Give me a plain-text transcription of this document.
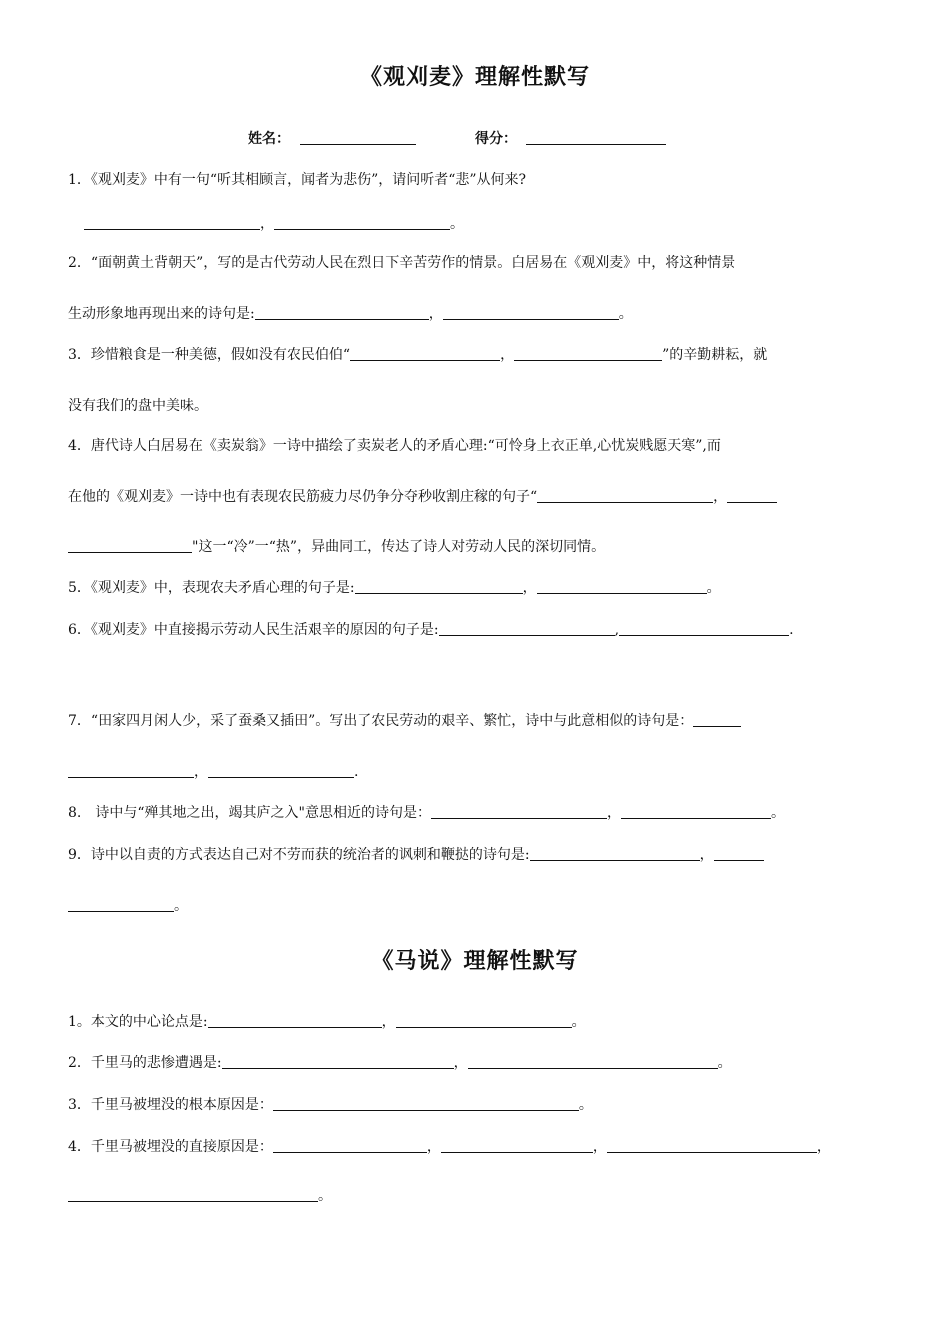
《观刈麦》理解性默写
姓名：	得分：
1．《观刈麦》中有一句“听其相顾言，闻者为悲伤”，请问听者“悲”从何来?
，	。
2．“面朝黄土背朝天”，写的是古代劳动人民在烈日下辛苦劳作的情景。白居易在《观刈麦》中，将这种情景
生动形象地再现出来的诗句是:	，	。
3．珍惜粮食是一种美德，假如没有农民伯伯“	，	”的辛勤耕耘，就
没有我们的盘中美味。
4．唐代诗人白居易在《卖炭翁》一诗中描绘了卖炭老人的矛盾心理:“可怜身上衣正单,心忧炭贱愿天寒”,而
在他的《观刈麦》一诗中也有表现农民筋疲力尽仍争分夺秒收割庄稼的句子“	，
"这一“冷”一“热”，异曲同工，传达了诗人对劳动人民的深切同情。
5．《观刈麦》中，表现农夫矛盾心理的句子是:	，	。
6．《观刈麦》中直接揭示劳动人民生活艰辛的原因的句子是:	,	.
7．“田家四月闲人少，采了蚕桑又插田”。写出了农民劳动的艰辛、繁忙，诗中与此意相似的诗句是：
，	.
8.　诗中与“殚其地之出，竭其庐之入"意思相近的诗句是：	，	。
9．诗中以自责的方式表达自己对不劳而获的统治者的讽刺和鞭挞的诗句是:	，
。
《马说》理解性默写
1。本文的中心论点是:	，	。
2．千里马的悲惨遭遇是:	，	。
3．千里马被埋没的根本原因是：	。
4．千里马被埋没的直接原因是：	，	，	，
。
